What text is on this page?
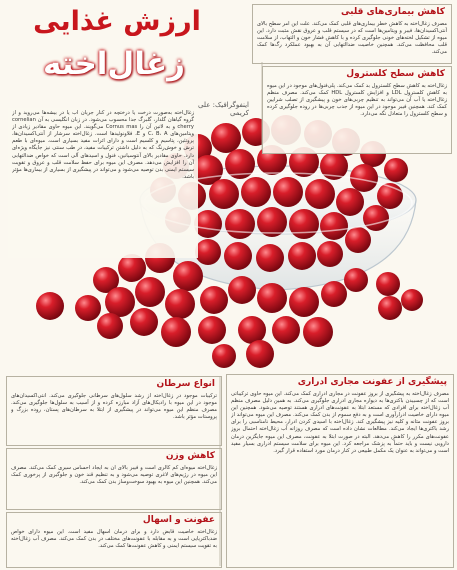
ارزش غذایی
زغال‌اخته
اینفوگرافیک: علی کریمی
زغال‌اخته به‌صورت درخت یا درختچه در کنار جریان آب یا در بیشه‌ها می‌روید و از گروه گیاهان گلدار، گلبرگ جدا محسوب می‌شود. در زبان انگلیسی به آن cornelian cherry و به لاتین آن را Cornus mas می‌گویند. این میوه حاوی مقادیر زیادی از ویتامین‌های C، B، A و E، فلاونوئیدها است. زغال‌اخته سرشار از آنتی‌اکسیدان‌ها، پروتئین، پتاسیم و کلسیم است و دارای اثرات مفید بسیاری است. میوه‌ای با طعم ترش و خوش‌رنگ که به دلیل داشتن ترکیبات مفید، در طب سنتی نیز جایگاه ویژه‌ای دارد. حاوی مقادیر بالای آنتوسیانین، فنول و اسیدهای آلی است که خواص ضدالتهابی آن را افزایش می‌دهد. مصرف این میوه برای حفظ سلامت قلب و عروق و تقویت سیستم ایمنی بدن توصیه می‌شود و می‌تواند در پیشگیری از بسیاری از بیماری‌ها مؤثر باشد.
کاهش بیماری‌های قلبی
مصرف زغال‌اخته به کاهش خطر بیماری‌های قلبی کمک می‌کند. علت این امر سطح بالای آنتی‌اکسیدان‌ها، فیبر و ویتامین‌ها است که در سیستم قلب و عروق نقش مثبت دارد. این میوه از تشکیل لخته‌های خونی جلوگیری کرده و با کاهش فشار خون و التهاب، از سلامت قلب محافظت می‌کند. همچنین خاصیت ضدالتهابی آن به بهبود عملکرد رگ‌ها کمک می‌کند.
کاهش سطح کلسترول
زغال‌اخته به کاهش سطح کلسترول بد کمک می‌کند. پلی‌فنول‌های موجود در این میوه به کاهش کلسترول LDL و افزایش کلسترول HDL کمک می‌کند. مصرف منظم زغال‌اخته یا آب آن می‌تواند به تنظیم چربی‌های خون و پیشگیری از تصلب شرایین کمک کند. همچنین فیبر موجود در این میوه از جذب چربی‌ها در روده جلوگیری کرده و سطح کلسترول را متعادل نگه می‌دارد.
انواع سرطان
ترکیبات موجود در زغال‌اخته از رشد سلول‌های سرطانی جلوگیری می‌کند. آنتی‌اکسیدان‌های موجود در این میوه با رادیکال‌های آزاد مبارزه کرده و از آسیب به سلول‌ها جلوگیری می‌کند. مصرف منظم این میوه می‌تواند در پیشگیری از ابتلا به سرطان‌های پستان، روده بزرگ و پروستات مؤثر باشد.
کاهش وزن
زغال‌اخته میوه‌ای کم کالری است و فیبر بالای آن به ایجاد احساس سیری کمک می‌کند. مصرف این میوه در رژیم‌های لاغری توصیه می‌شود و به تنظیم قند خون و جلوگیری از پرخوری کمک می‌کند. همچنین این میوه به بهبود سوخت‌وساز بدن کمک می‌کند.
عفونت و اسهال
زغال‌اخته خاصیت قابض دارد و برای درمان اسهال مفید است. این میوه دارای خواص ضدباکتریایی است و به مقابله با عفونت‌های مختلف در بدن کمک می‌کند. مصرف آب زغال‌اخته به تقویت سیستم ایمنی و کاهش عفونت‌ها کمک می‌کند.
پیشگیری از عفونت مجاری ادراری
مصرف زغال‌اخته به پیشگیری از بروز عفونت در مجاری ادراری کمک می‌کند. این میوه حاوی ترکیباتی است که از چسبیدن باکتری‌ها به دیواره مجاری ادراری جلوگیری می‌کند. به همین دلیل مصرف منظم آب زغال‌اخته برای افرادی که مستعد ابتلا به عفونت‌های ادراری هستند توصیه می‌شود. همچنین این میوه دارای خاصیت ادرارآوری است و به دفع سموم از بدن کمک می‌کند. مصرف این میوه می‌تواند از بروز عفونت مثانه و کلیه نیز پیشگیری کند. زغال‌اخته با اسیدی کردن ادرار، محیط نامناسبی را برای رشد باکتری‌ها ایجاد می‌کند. مطالعات نشان داده است که مصرف روزانه آب زغال‌اخته احتمال بروز عفونت‌های مکرر را کاهش می‌دهد. البته در صورت ابتلا به عفونت، مصرف این میوه جایگزین درمان دارویی نیست و باید حتماً به پزشک مراجعه کرد. این میوه برای سلامت سیستم ادراری بسیار مفید است و می‌تواند به عنوان یک مکمل طبیعی در کنار درمان مورد استفاده قرار گیرد.
